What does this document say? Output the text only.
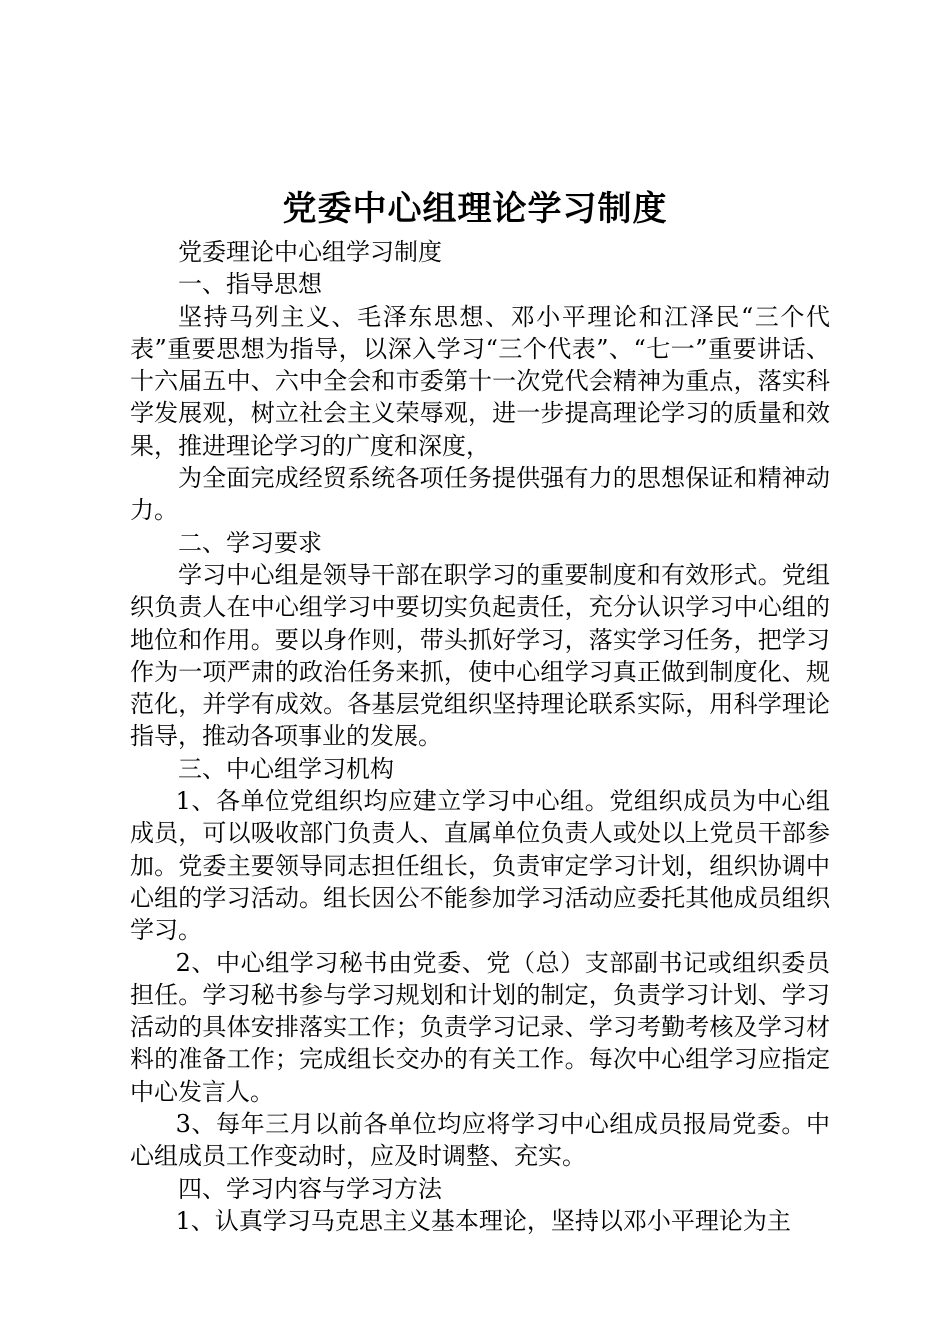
党委中心组理论学习制度

党委理论中心组学习制度

一、指导思想

坚持马列主义、毛泽东思想、邓小平理论和江泽民“三个代表”重要思想为指导，以深入学习“三个代表”、“七一”重要讲话、十六届五中、六中全会和市委第十一次党代会精神为重点，落实科学发展观，树立社会主义荣辱观，进一步提高理论学习的质量和效果，推进理论学习的广度和深度，

为全面完成经贸系统各项任务提供强有力的思想保证和精神动力。

二、学习要求

学习中心组是领导干部在职学习的重要制度和有效形式。党组织负责人在中心组学习中要切实负起责任，充分认识学习中心组的地位和作用。要以身作则，带头抓好学习，落实学习任务，把学习作为一项严肃的政治任务来抓，使中心组学习真正做到制度化、规范化，并学有成效。各基层党组织坚持理论联系实际，用科学理论指导，推动各项事业的发展。

三、中心组学习机构

1、各单位党组织均应建立学习中心组。党组织成员为中心组成员，可以吸收部门负责人、直属单位负责人或处以上党员干部参加。党委主要领导同志担任组长，负责审定学习计划，组织协调中心组的学习活动。组长因公不能参加学习活动应委托其他成员组织学习。

2、中心组学习秘书由党委、党（总）支部副书记或组织委员担任。学习秘书参与学习规划和计划的制定，负责学习计划、学习活动的具体安排落实工作；负责学习记录、学习考勤考核及学习材料的准备工作；完成组长交办的有关工作。每次中心组学习应指定中心发言人。

3、每年三月以前各单位均应将学习中心组成员报局党委。中心组成员工作变动时，应及时调整、充实。

四、学习内容与学习方法

1、认真学习马克思主义基本理论，坚持以邓小平理论为主
